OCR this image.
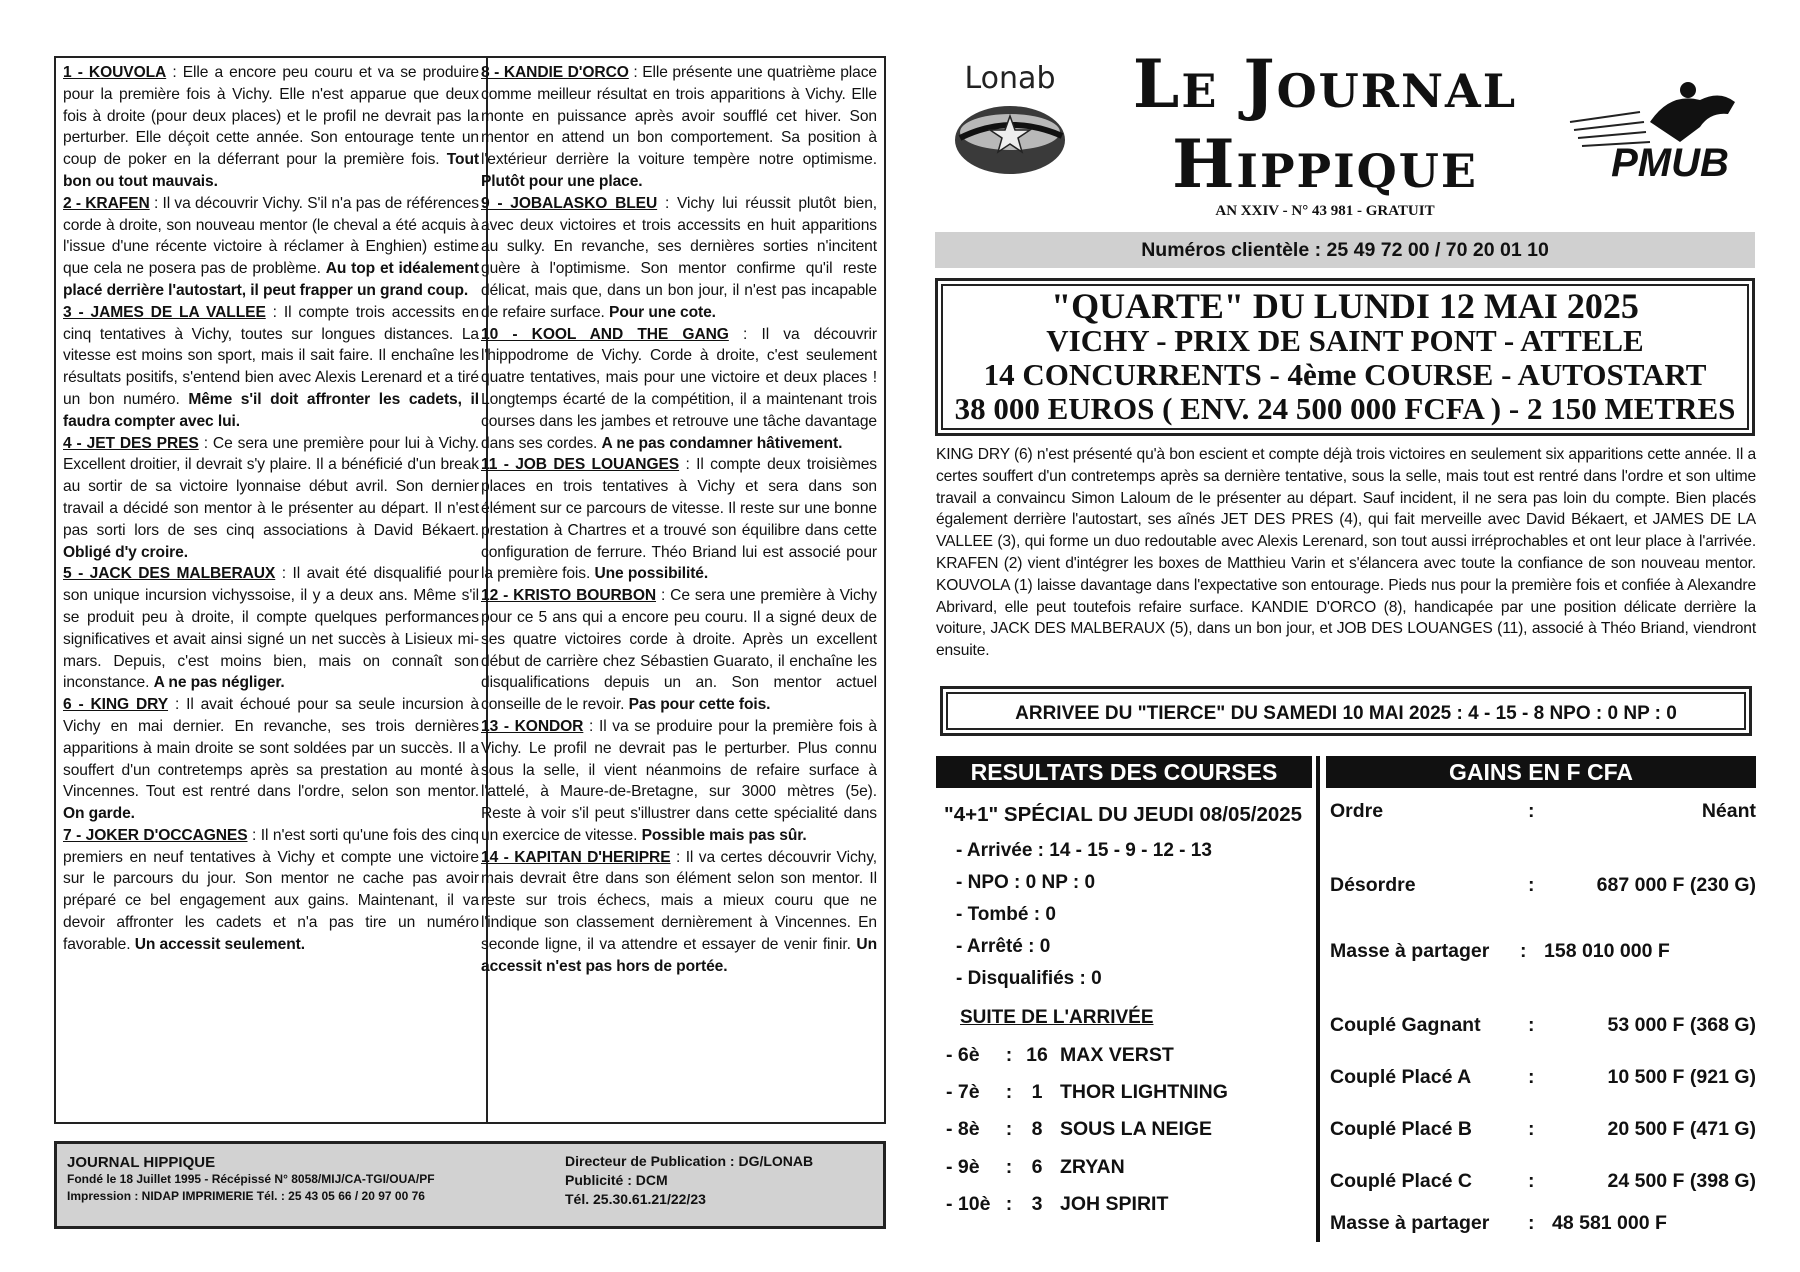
1 - KOUVOLA : Elle a encore peu couru et va se produire pour la première fois à Vichy. Elle n'est apparue que deux fois à droite (pour deux places) et le profil ne devrait pas la perturber. Elle déçoit cette année. Son entourage tente un coup de poker en la déferrant pour la première fois. Tout bon ou tout mauvais.

2 - KRAFEN : Il va découvrir Vichy. S'il n'a pas de références corde à droite, son nouveau mentor (le cheval a été acquis à l'issue d'une récente victoire à réclamer à Enghien) estime que cela ne posera pas de problème. Au top et idéalement placé derrière l'autostart, il peut frapper un grand coup.

3 - JAMES DE LA VALLEE : Il compte trois accessits en cinq tentatives à Vichy, toutes sur longues distances. La vitesse est moins son sport, mais il sait faire. Il enchaîne les résultats positifs, s'entend bien avec Alexis Lerenard et a tiré un bon numéro. Même s'il doit affronter les cadets, il faudra compter avec lui.

4 - JET DES PRES : Ce sera une première pour lui à Vichy. Excellent droitier, il devrait s'y plaire. Il a bénéficié d'un break au sortir de sa victoire lyonnaise début avril. Son dernier travail a décidé son mentor à le présenter au départ. Il n'est pas sorti lors de ses cinq associations à David Békaert. Obligé d'y croire.

5 - JACK DES MALBERAUX : Il avait été disqualifié pour son unique incursion vichyssoise, il y a deux ans. Même s'il se produit peu à droite, il compte quelques performances significatives et avait ainsi signé un net succès à Lisieux mi-mars. Depuis, c'est moins bien, mais on connaît son inconstance. A ne pas négliger.

6 - KING DRY : Il avait échoué pour sa seule incursion à Vichy en mai dernier. En revanche, ses trois dernières apparitions à main droite se sont soldées par un succès. Il a souffert d'un contretemps après sa prestation au monté à Vincennes. Tout est rentré dans l'ordre, selon son mentor. On garde.

7 - JOKER D'OCCAGNES : Il n'est sorti qu'une fois des cinq premiers en neuf tentatives à Vichy et compte une victoire sur le parcours du jour. Son mentor ne cache pas avoir préparé ce bel engagement aux gains. Maintenant, il va devoir affronter les cadets et n'a pas tire un numéro favorable. Un accessit seulement.

8 - KANDIE D'ORCO : Elle présente une quatrième place comme meilleur résultat en trois apparitions à Vichy. Elle monte en puissance après avoir soufflé cet hiver. Son mentor en attend un bon comportement. Sa position à l'extérieur derrière la voiture tempère notre optimisme. Plutôt pour une place.

9 - JOBALASKO BLEU : Vichy lui réussit plutôt bien, avec deux victoires et trois accessits en huit apparitions au sulky. En revanche, ses dernières sorties n'incitent guère à l'optimisme. Son mentor confirme qu'il reste délicat, mais que, dans un bon jour, il n'est pas incapable de refaire surface. Pour une cote.

10 - KOOL AND THE GANG : Il va découvrir l'hippodrome de Vichy. Corde à droite, c'est seulement quatre tentatives, mais pour une victoire et deux places ! Longtemps écarté de la compétition, il a maintenant trois courses dans les jambes et retrouve une tâche davantage dans ses cordes. A ne pas condamner hâtivement.

11 - JOB DES LOUANGES : Il compte deux troisièmes places en trois tentatives à Vichy et sera dans son élément sur ce parcours de vitesse. Il reste sur une bonne prestation à Chartres et a trouvé son équilibre dans cette configuration de ferrure. Théo Briand lui est associé pour la première fois. Une possibilité.

12 - KRISTO BOURBON : Ce sera une première à Vichy pour ce 5 ans qui a encore peu couru. Il a signé deux de ses quatre victoires corde à droite. Après un excellent début de carrière chez Sébastien Guarato, il enchaîne les disqualifications depuis un an. Son mentor actuel conseille de le revoir. Pas pour cette fois.

13 - KONDOR : Il va se produire pour la première fois à Vichy. Le profil ne devrait pas le perturber. Plus connu sous la selle, il vient néanmoins de refaire surface à l'attelé, à Maure-de-Bretagne, sur 3000 mètres (5e). Reste à voir s'il peut s'illustrer dans cette spécialité dans un exercice de vitesse. Possible mais pas sûr.

14 - KAPITAN D'HERIPRE : Il va certes découvrir Vichy, mais devrait être dans son élément selon son mentor. Il reste sur trois échecs, mais a mieux couru que ne l'indique son classement dernièrement à Vincennes. En seconde ligne, il va attendre et essayer de venir finir. Un accessit n'est pas hors de portée.

JOURNAL HIPPIQUE
Fondé le 18 Juillet 1995 - Récépissé N° 8058/MIJ/CA-TGI/OUA/PF
Impression : NIDAP IMPRIMERIE Tél. : 25 43 05 66 / 20 97 00 76
Directeur de Publication : DG/LONAB
Publicité : DCM
Tél. 25.30.61.21/22/23
Lonab	Le Journal
Hippique
AN XXIV - N° 43 981 - GRATUIT
PMUB
Numéros clientèle : 25 49 72 00 / 70 20 01 10
"QUARTE" DU LUNDI 12 MAI 2025
VICHY - PRIX DE SAINT PONT - ATTELE
14 CONCURRENTS - 4ème COURSE - AUTOSTART
38 000 EUROS ( ENV. 24 500 000 FCFA ) - 2 150 METRES
KING DRY (6) n'est présenté qu'à bon escient et compte déjà trois victoires en seulement six apparitions cette année. Il a certes souffert d'un contretemps après sa dernière tentative, sous la selle, mais tout est rentré dans l'ordre et son ultime travail a convaincu Simon Laloum de le présenter au départ. Sauf incident, il ne sera pas loin du compte. Bien placés également derrière l'autostart, ses aînés JET DES PRES (4), qui fait merveille avec David Békaert, et JAMES DE LA VALLEE (3), qui forme un duo redoutable avec Alexis Lerenard, son tout aussi irréprochables et ont leur place à l'arrivée. KRAFEN (2) vient d'intégrer les boxes de Matthieu Varin et s'élancera avec toute la confiance de son nouveau mentor. KOUVOLA (1) laisse davantage dans l'expectative son entourage. Pieds nus pour la première fois et confiée à Alexandre Abrivard, elle peut toutefois refaire surface. KANDIE D'ORCO (8), handicapée par une position délicate derrière la voiture, JACK DES MALBERAUX (5), dans un bon jour, et JOB DES LOUANGES (11), associé à Théo Briand, viendront ensuite.
ARRIVEE DU "TIERCE" DU SAMEDI 10 MAI 2025 : 4 - 15 - 8 NPO : 0 NP : 0
RESULTATS DES COURSES	GAINS EN F CFA
"4+1" SPÉCIAL DU JEUDI 08/05/2025
- Arrivée : 14 - 15 - 9 - 12 - 13
- NPO : 0 NP : 0
- Tombé : 0
- Arrêté : 0
- Disqualifiés : 0
SUITE DE L'ARRIVÉE
- 6è : 16 MAX VERST
- 7è : 1 THOR LIGHTNING
- 8è : 8 SOUS LA NEIGE
- 9è : 6 ZRYAN
- 10è : 3 JOH SPIRIT
Ordre	:	Néant
Désordre	:	687 000 F (230 G)
Masse à partager : 158 010 000 F
Couplé Gagnant :	53 000 F (368 G)
Couplé Placé A	:	10 500 F (921 G)
Couplé Placé B	:	20 500 F (471 G)
Couplé Placé C	:	24 500 F (398 G)
Masse à partager : 48 581 000 F
